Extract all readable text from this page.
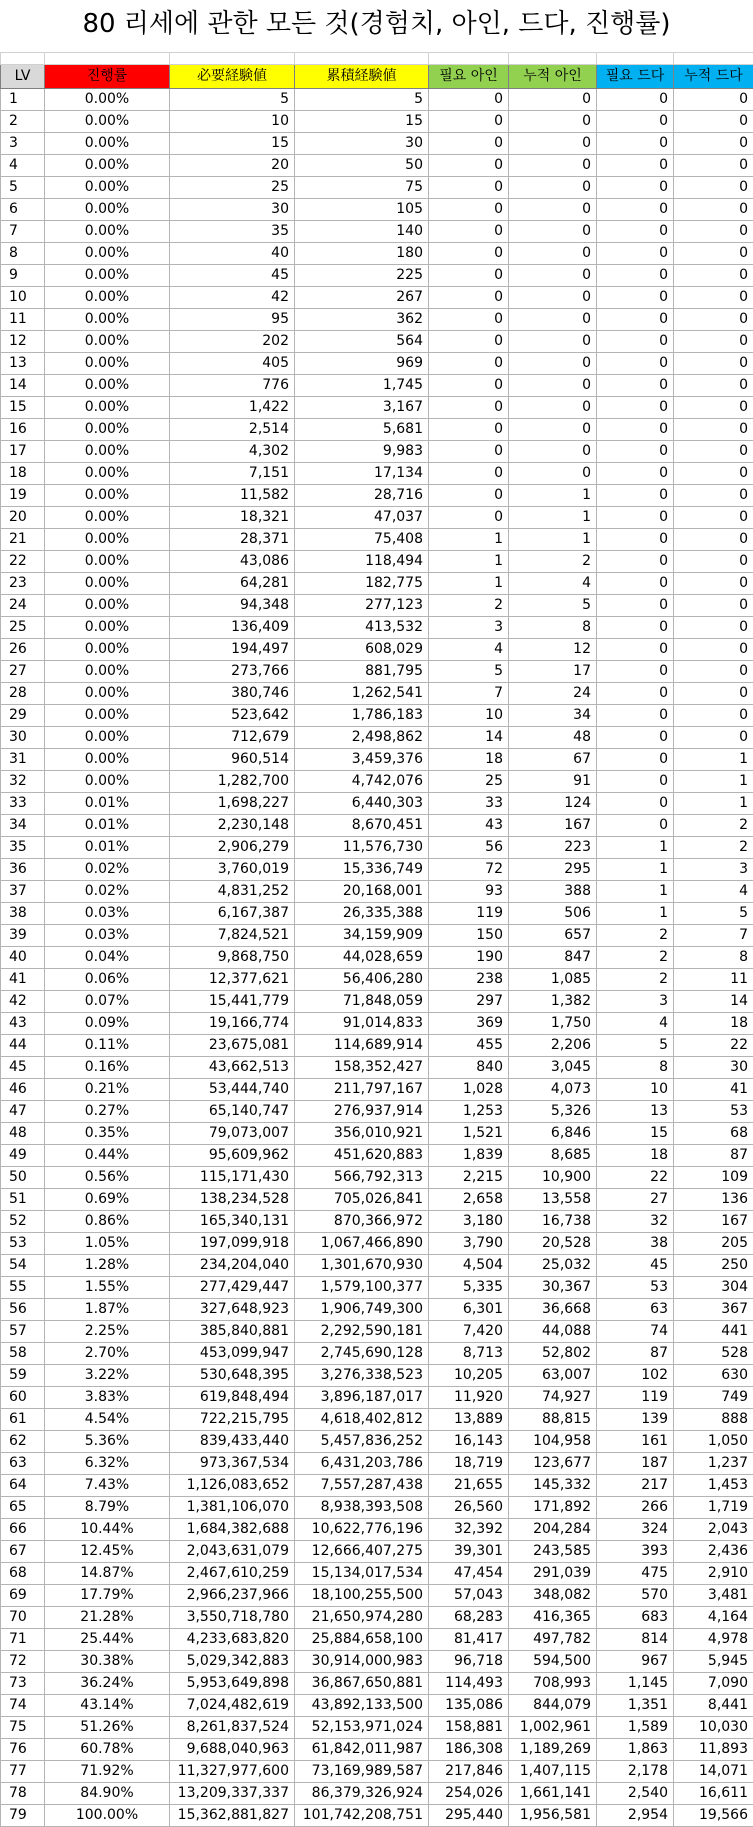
80 리세에 관한 모든 것(경험치, 아인, 드다, 진행률)

LV	진행률	必要経験値	累積経験値	필요 아인	누적 아인	필요 드다	누적 드다
1	0.00%	5	5	0	0	0	0
2	0.00%	10	15	0	0	0	0
3	0.00%	15	30	0	0	0	0
4	0.00%	20	50	0	0	0	0
5	0.00%	25	75	0	0	0	0
6	0.00%	30	105	0	0	0	0
7	0.00%	35	140	0	0	0	0
8	0.00%	40	180	0	0	0	0
9	0.00%	45	225	0	0	0	0
10	0.00%	42	267	0	0	0	0
11	0.00%	95	362	0	0	0	0
12	0.00%	202	564	0	0	0	0
13	0.00%	405	969	0	0	0	0
14	0.00%	776	1,745	0	0	0	0
15	0.00%	1,422	3,167	0	0	0	0
16	0.00%	2,514	5,681	0	0	0	0
17	0.00%	4,302	9,983	0	0	0	0
18	0.00%	7,151	17,134	0	0	0	0
19	0.00%	11,582	28,716	0	1	0	0
20	0.00%	18,321	47,037	0	1	0	0
21	0.00%	28,371	75,408	1	1	0	0
22	0.00%	43,086	118,494	1	2	0	0
23	0.00%	64,281	182,775	1	4	0	0
24	0.00%	94,348	277,123	2	5	0	0
25	0.00%	136,409	413,532	3	8	0	0
26	0.00%	194,497	608,029	4	12	0	0
27	0.00%	273,766	881,795	5	17	0	0
28	0.00%	380,746	1,262,541	7	24	0	0
29	0.00%	523,642	1,786,183	10	34	0	0
30	0.00%	712,679	2,498,862	14	48	0	0
31	0.00%	960,514	3,459,376	18	67	0	1
32	0.00%	1,282,700	4,742,076	25	91	0	1
33	0.01%	1,698,227	6,440,303	33	124	0	1
34	0.01%	2,230,148	8,670,451	43	167	0	2
35	0.01%	2,906,279	11,576,730	56	223	1	2
36	0.02%	3,760,019	15,336,749	72	295	1	3
37	0.02%	4,831,252	20,168,001	93	388	1	4
38	0.03%	6,167,387	26,335,388	119	506	1	5
39	0.03%	7,824,521	34,159,909	150	657	2	7
40	0.04%	9,868,750	44,028,659	190	847	2	8
41	0.06%	12,377,621	56,406,280	238	1,085	2	11
42	0.07%	15,441,779	71,848,059	297	1,382	3	14
43	0.09%	19,166,774	91,014,833	369	1,750	4	18
44	0.11%	23,675,081	114,689,914	455	2,206	5	22
45	0.16%	43,662,513	158,352,427	840	3,045	8	30
46	0.21%	53,444,740	211,797,167	1,028	4,073	10	41
47	0.27%	65,140,747	276,937,914	1,253	5,326	13	53
48	0.35%	79,073,007	356,010,921	1,521	6,846	15	68
49	0.44%	95,609,962	451,620,883	1,839	8,685	18	87
50	0.56%	115,171,430	566,792,313	2,215	10,900	22	109
51	0.69%	138,234,528	705,026,841	2,658	13,558	27	136
52	0.86%	165,340,131	870,366,972	3,180	16,738	32	167
53	1.05%	197,099,918	1,067,466,890	3,790	20,528	38	205
54	1.28%	234,204,040	1,301,670,930	4,504	25,032	45	250
55	1.55%	277,429,447	1,579,100,377	5,335	30,367	53	304
56	1.87%	327,648,923	1,906,749,300	6,301	36,668	63	367
57	2.25%	385,840,881	2,292,590,181	7,420	44,088	74	441
58	2.70%	453,099,947	2,745,690,128	8,713	52,802	87	528
59	3.22%	530,648,395	3,276,338,523	10,205	63,007	102	630
60	3.83%	619,848,494	3,896,187,017	11,920	74,927	119	749
61	4.54%	722,215,795	4,618,402,812	13,889	88,815	139	888
62	5.36%	839,433,440	5,457,836,252	16,143	104,958	161	1,050
63	6.32%	973,367,534	6,431,203,786	18,719	123,677	187	1,237
64	7.43%	1,126,083,652	7,557,287,438	21,655	145,332	217	1,453
65	8.79%	1,381,106,070	8,938,393,508	26,560	171,892	266	1,719
66	10.44%	1,684,382,688	10,622,776,196	32,392	204,284	324	2,043
67	12.45%	2,043,631,079	12,666,407,275	39,301	243,585	393	2,436
68	14.87%	2,467,610,259	15,134,017,534	47,454	291,039	475	2,910
69	17.79%	2,966,237,966	18,100,255,500	57,043	348,082	570	3,481
70	21.28%	3,550,718,780	21,650,974,280	68,283	416,365	683	4,164
71	25.44%	4,233,683,820	25,884,658,100	81,417	497,782	814	4,978
72	30.38%	5,029,342,883	30,914,000,983	96,718	594,500	967	5,945
73	36.24%	5,953,649,898	36,867,650,881	114,493	708,993	1,145	7,090
74	43.14%	7,024,482,619	43,892,133,500	135,086	844,079	1,351	8,441
75	51.26%	8,261,837,524	52,153,971,024	158,881	1,002,961	1,589	10,030
76	60.78%	9,688,040,963	61,842,011,987	186,308	1,189,269	1,863	11,893
77	71.92%	11,327,977,600	73,169,989,587	217,846	1,407,115	2,178	14,071
78	84.90%	13,209,337,337	86,379,326,924	254,026	1,661,141	2,540	16,611
79	100.00%	15,362,881,827	101,742,208,751	295,440	1,956,581	2,954	19,566
